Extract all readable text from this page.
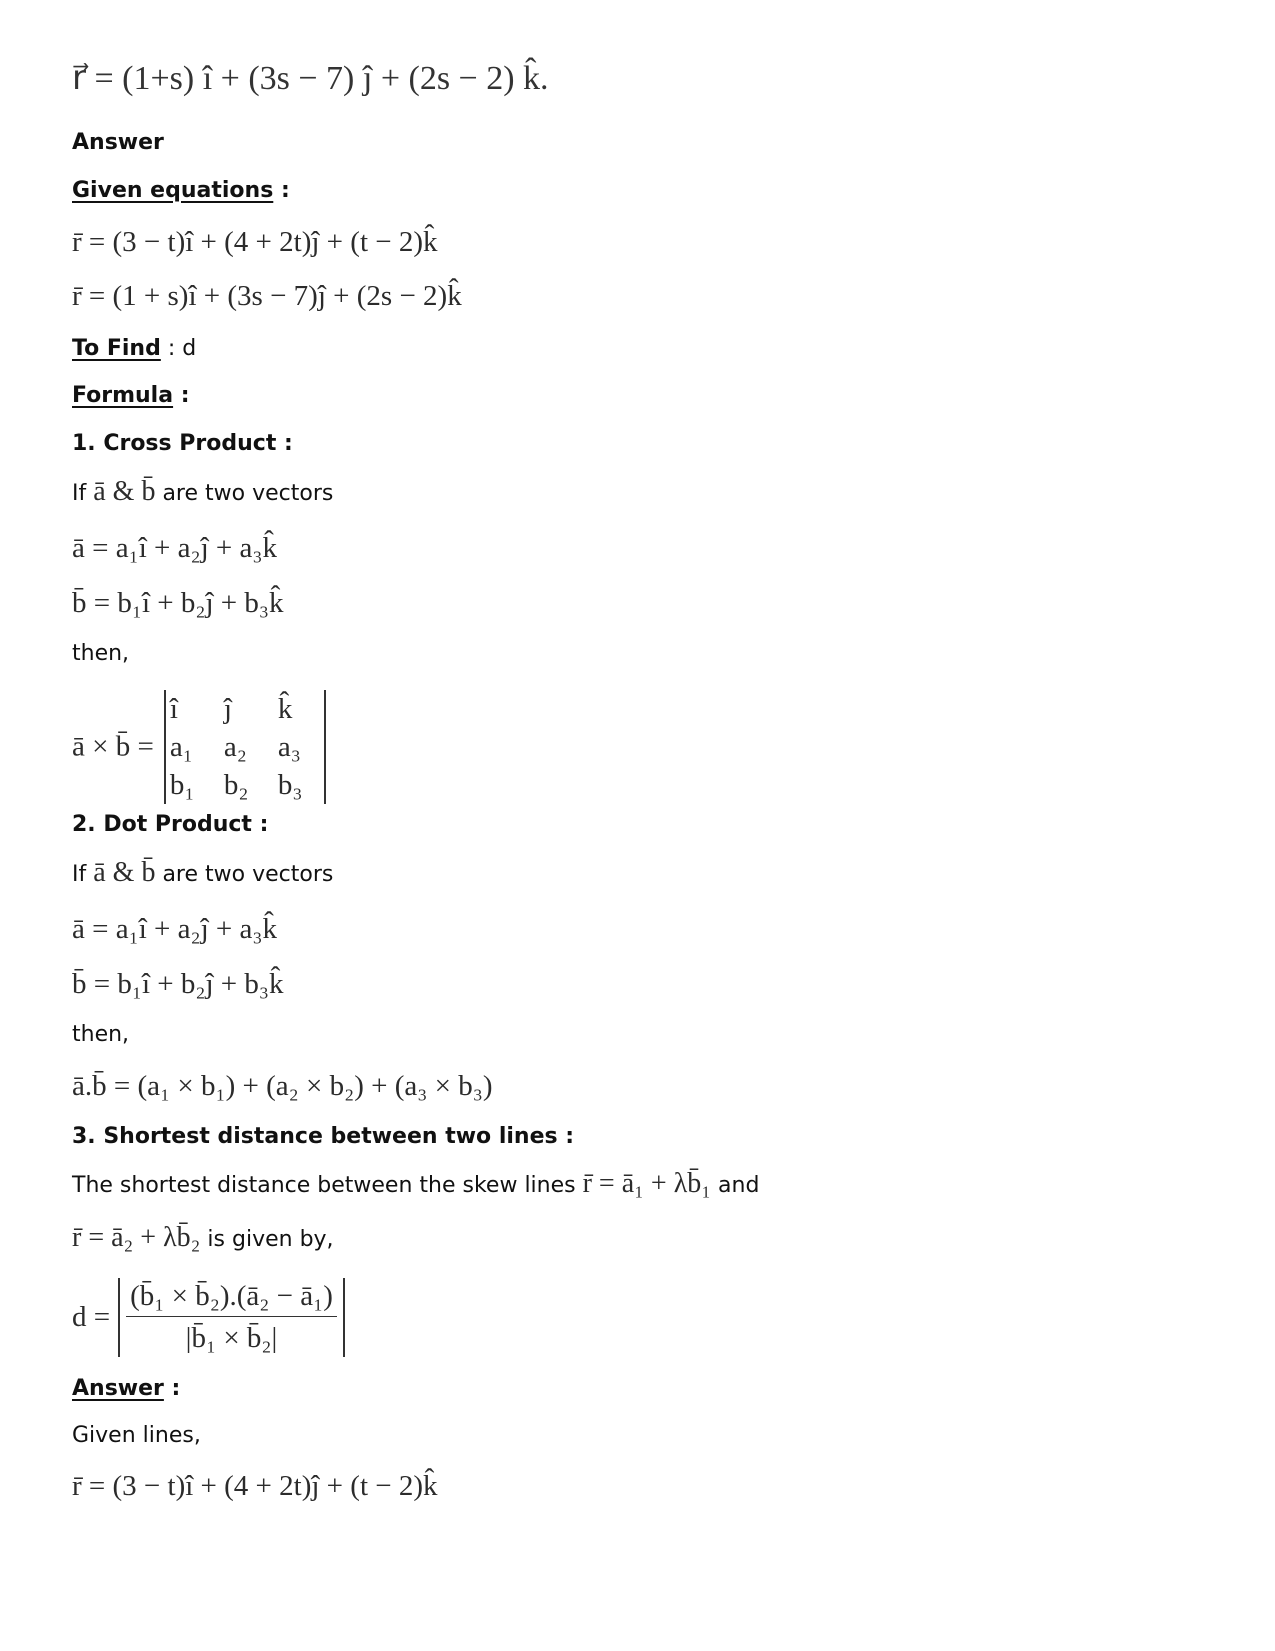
r⃗ = (1+s) î + (3s − 7) ĵ + (2s − 2) k̂.
Answer
Given equations :
r̄ = (3 − t)î + (4 + 2t)ĵ + (t − 2)k̂
r̄ = (1 + s)î + (3s − 7)ĵ + (2s − 2)k̂
To Find : d
Formula :
1. Cross Product :
If ā & b̄ are two vectors
ā = a₁î + a₂ĵ + a₃k̂
b̄ = b₁î + b₂ĵ + b₃k̂
then,
ā × b̄ =
î	ĵ	k̂
a₁	a₂	a₃
b₁	b₂	b₃
2. Dot Product :
If ā & b̄ are two vectors
ā = a₁î + a₂ĵ + a₃k̂
b̄ = b₁î + b₂ĵ + b₃k̂
then,
ā.b̄ = (a₁ × b₁) + (a₂ × b₂) + (a₃ × b₃)
3. Shortest distance between two lines :
The shortest distance between the skew lines r̄ = ā₁ + λb̄₁ and
r̄ = ā₂ + λb̄₂ is given by,
$d = \frac{\text{(b̄₁ × b̄₂).(ā₂ − ā₁)}}{\text{|b̄₁ × b̄₂|}}$
Answer :
Given lines,
r̄ = (3 − t)î + (4 + 2t)ĵ + (t − 2)k̂
